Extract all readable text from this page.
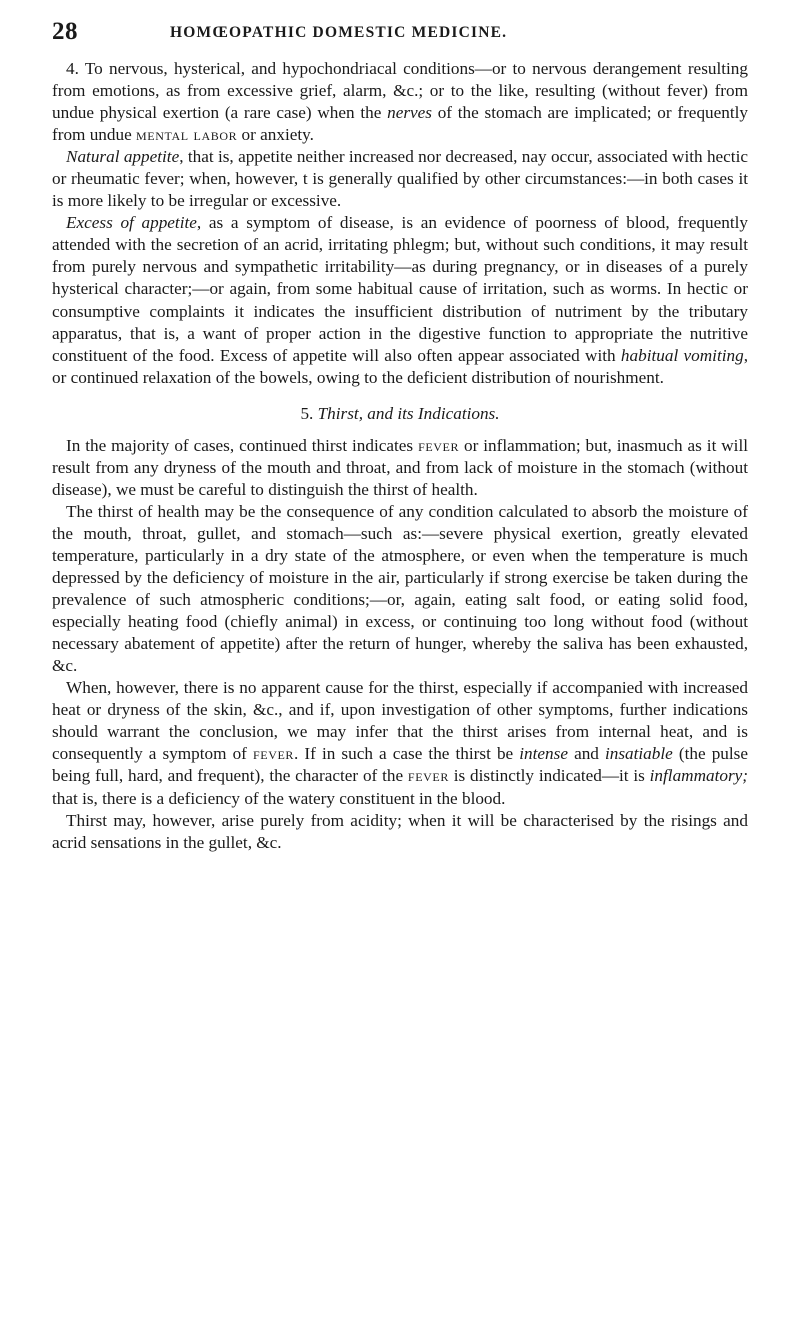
28	HOMŒOPATHIC DOMESTIC MEDICINE.

4. To nervous, hysterical, and hypochondriacal conditions—or to nervous derangement resulting from emotions, as from excessive grief, alarm, &c.; or to the like, resulting (without fever) from undue physical exertion (a rare case) when the nerves of the stomach are implicated; or frequently from undue mental labor or anxiety.

Natural appetite, that is, appetite neither increased nor decreased, nay occur, associated with hectic or rheumatic fever; when, however, t is generally qualified by other circumstances:—in both cases it is more likely to be irregular or excessive.

Excess of appetite, as a symptom of disease, is an evidence of poorness of blood, frequently attended with the secretion of an acrid, irritating phlegm; but, without such conditions, it may result from purely nervous and sympathetic irritability—as during pregnancy, or in diseases of a purely hysterical character;—or again, from some habitual cause of irritation, such as worms. In hectic or consumptive complaints it indicates the insufficient distribution of nutriment by the tributary apparatus, that is, a want of proper action in the digestive function to appropriate the nutritive constituent of the food. Excess of appetite will also often appear associated with habitual vomiting, or continued relaxation of the bowels, owing to the deficient distribution of nourishment.

5. Thirst, and its Indications.

In the majority of cases, continued thirst indicates fever or inflammation; but, inasmuch as it will result from any dryness of the mouth and throat, and from lack of moisture in the stomach (without disease), we must be careful to distinguish the thirst of health.

The thirst of health may be the consequence of any condition calculated to absorb the moisture of the mouth, throat, gullet, and stomach—such as:—severe physical exertion, greatly elevated temperature, particularly in a dry state of the atmosphere, or even when the temperature is much depressed by the deficiency of moisture in the air, particularly if strong exercise be taken during the prevalence of such atmospheric conditions;—or, again, eating salt food, or eating solid food, especially heating food (chiefly animal) in excess, or continuing too long without food (without necessary abatement of appetite) after the return of hunger, whereby the saliva has been exhausted, &c.

When, however, there is no apparent cause for the thirst, especially if accompanied with increased heat or dryness of the skin, &c., and if, upon investigation of other symptoms, further indications should warrant the conclusion, we may infer that the thirst arises from internal heat, and is consequently a symptom of fever. If in such a case the thirst be intense and insatiable (the pulse being full, hard, and frequent), the character of the fever is distinctly indicated—it is inflammatory; that is, there is a deficiency of the watery constituent in the blood.

Thirst may, however, arise purely from acidity; when it will be characterised by the risings and acrid sensations in the gullet, &c.
